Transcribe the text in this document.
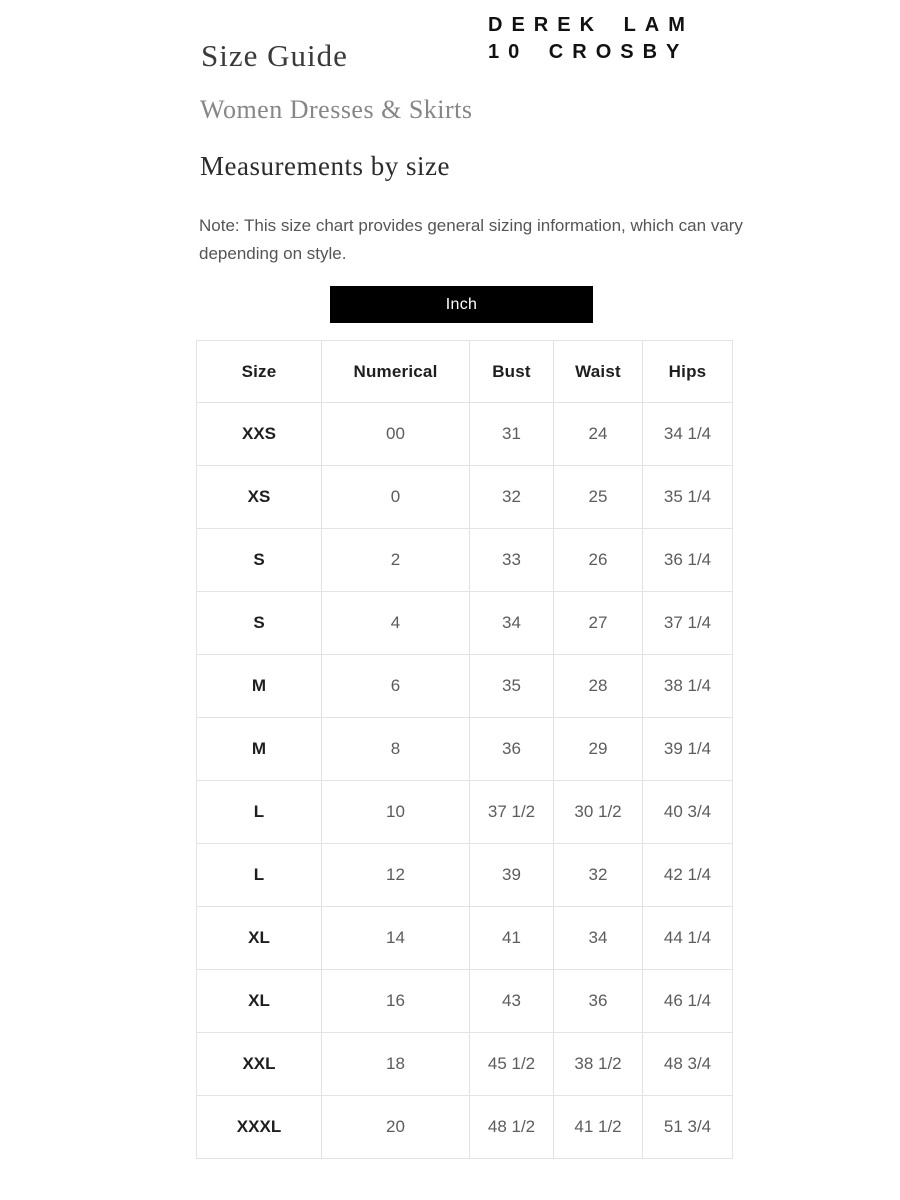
DEREK LAM
10 CROSBY
Size Guide
Women Dresses & Skirts
Measurements by size

Note: This size chart provides general sizing information, which can vary depending on style.

Inch
Size	Numerical	Bust	Waist	Hips
XXS	00	31	24	34 1/4
XS	0	32	25	35 1/4
S	2	33	26	36 1/4
S	4	34	27	37 1/4
M	6	35	28	38 1/4
M	8	36	29	39 1/4
L	10	37 1/2	30 1/2	40 3/4
L	12	39	32	42 1/4
XL	14	41	34	44 1/4
XL	16	43	36	46 1/4
XXL	18	45 1/2	38 1/2	48 3/4
XXXL	20	48 1/2	41 1/2	51 3/4
